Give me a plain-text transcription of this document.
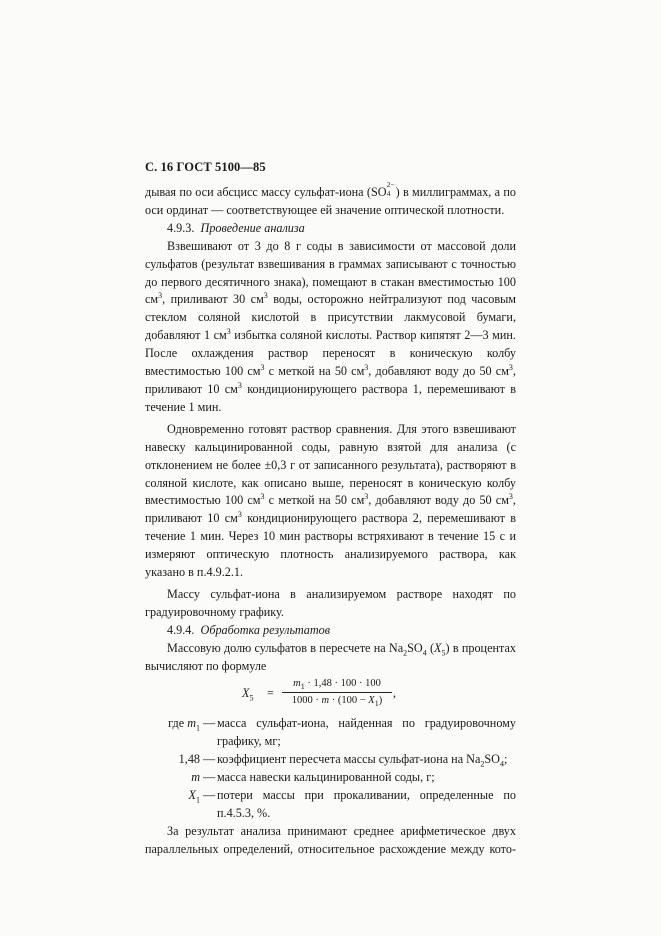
С. 16 ГОСТ 5100—85

дывая по оси абсцисс массу сульфат-иона (SO
2−
4 ) в миллиграммах, а по оси ординат — соответствующее ей значение оптической плотности.

4.9.3. Проведение анализа

Взвешивают от 3 до 8 г соды в зависимости от массовой доли сульфатов (результат взвешивания в граммах записывают с точностью до первого десятичного знака), помещают в стакан вместимостью 100 $см^3$, приливают 30 $см^3$ воды, осторожно нейтрализуют под часовым стеклом соляной кислотой в присутствии лакмусовой бумаги, добавляют 1 $см^3$ избытка соляной кислоты. Раствор кипятят 2—3 мин. После охлаждения раствор переносят в коническую колбу вместимостью 100 $см^3$ с меткой на 50 $см^3$, добавляют воду до 50 $см^3$, приливают 10 $см^3$ кондиционирующего раствора 1, перемешивают в течение 1 мин.

Одновременно готовят раствор сравнения. Для этого взвешивают навеску кальцинированной соды, равную взятой для анализа (с отклонением не более ±0,3 г от записанного результата), растворяют в соляной кислоте, как описано выше, переносят в коническую колбу вместимостью 100 $см^3$ с меткой на 50 $см^3$, добавляют воду до 50 $см^3$, приливают 10 $см^3$ кондиционирующего раствора 2, перемешивают в течение 1 мин. Через 10 мин растворы встряхивают в течение 15 с и измеряют оптическую плотность анализируемого раствора, как указано в п.4.9.2.1.

Массу сульфат-иона в анализируемом растворе находят по градуировочному графику.

4.9.4. Обработка результатов

Массовую долю сульфатов в пересчете на $Na_2SO_4$ $(X_5)$ в процентах вычисляют по формуле

$X_5 = \frac{m_1 \cdot 1,48 \cdot 100 \cdot 100}{1000 \cdot m \cdot (100 - X_1)}$ ,
где $m_1$ — масса сульфат-иона, найденная по градуировочному графику, мг;
1,48 — коэффициент пересчета массы сульфат-иона на $Na_2SO_4$;
m — масса навески кальцинированной соды, г;
$X_1$ — потери массы при прокаливании, определенные по п.4.5.3, %.

За результат анализа принимают среднее арифметическое двух параллельных определений, относительное расхождение между кото-
